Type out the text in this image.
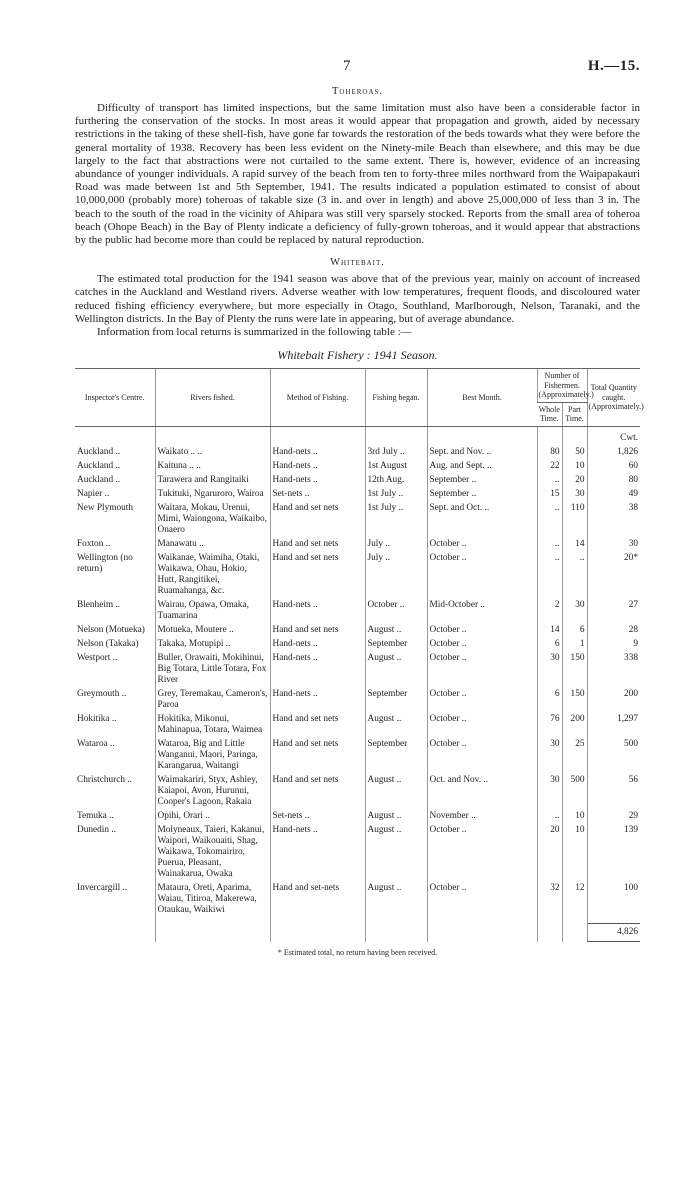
7	H.—15.
Toheroas.

Difficulty of transport has limited inspections, but the same limitation must also have been a considerable factor in furthering the conservation of the stocks. In most areas it would appear that propagation and growth, aided by necessary restrictions in the taking of these shell-fish, have gone far towards the restoration of the beds towards what they were before the general mortality of 1938. Recovery has been less evident on the Ninety-mile Beach than elsewhere, and this may be due largely to the fact that abstractions were not curtailed to the same extent. There is, however, evidence of an increasing abundance of younger individuals. A rapid survey of the beach from ten to forty-three miles northward from the Waipapakauri Road was made between 1st and 5th September, 1941. The results indicated a population estimated to consist of about 10,000,000 (probably more) toheroas of takable size (3 in. and over in length) and above 25,000,000 of less than 3 in. The beach to the south of the road in the vicinity of Ahipara was still very sparsely stocked. Reports from the small area of toheroa beach (Ohope Beach) in the Bay of Plenty indicate a deficiency of fully-grown toheroas, and it would appear that abstractions by the public had become more than could be replaced by natural reproduction.

Whitebait.

The estimated total production for the 1941 season was above that of the previous year, mainly on account of increased catches in the Auckland and Westland rivers. Adverse weather with low temperatures, frequent floods, and discoloured water reduced fishing efficiency everywhere, but more especially in Otago, Southland, Marlborough, Nelson, Taranaki, and the Wellington districts. In the Bay of Plenty the runs were late in appearing, but of average abundance.

Information from local returns is summarized in the following table :—

Whitebait Fishery : 1941 Season.
Inspector's Centre.	Rivers fished.	Method of Fishing.	Fishing began.	Best Month.	Number of Fishermen. (Approximately.)		Total Quantity caught. (Approximately.)
					Whole Time.	Part Time.	
							Cwt.
Auckland ..	Waikato .. ..	Hand-nets ..	3rd July ..	Sept. and Nov. ..	80	50	1,826
Auckland ..	Kaituna .. ..	Hand-nets ..	1st August	Aug. and Sept. ..	22	10	60
Auckland ..	Tarawera and Rangitaiki	Hand-nets ..	12th Aug.	September ..	..	20	80
Napier ..	Tukituki, Ngaruroro, Wairoa	Set-nets ..	1st July ..	September ..	15	30	49
New Plymouth	Waitara, Mokau, Urenui, Mimi, Waiongona, Waikaibo, Onaero	Hand and set nets	1st July ..	Sept. and Oct. ..	..	110	38
Foxton ..	Manawatu ..	Hand and set nets	July ..	October ..	..	14	30
Wellington (no return)	Waikanae, Waimiha, Otaki, Waikawa, Ohau, Hokio, Hutt, Rangitikei, Ruamahanga, &c.	Hand and set nets	July ..	October ..	..	..	20*
Blenheim ..	Wairau, Opawa, Omaka, Tuamarina	Hand-nets ..	October ..	Mid-October ..	2	30	27
Nelson (Motueka)	Motueka, Moutere ..	Hand and set nets	August ..	October ..	14	6	28
Nelson (Takaka)	Takaka, Motupipi ..	Hand-nets ..	September	October ..	6	1	9
Westport ..	Buller, Orawaiti, Mokihinui, Big Totara, Little Totara, Fox River	Hand-nets ..	August ..	October ..	30	150	338
Greymouth ..	Grey, Teremakau, Cameron's, Paroa	Hand-nets ..	September	October ..	6	150	200
Hokitika ..	Hokitika, Mikonui, Mahinapua, Totara, Waimea	Hand and set nets	August ..	October ..	76	200	1,297
Wataroa ..	Wataroa, Big and Little Wanganui, Maori, Paringa, Karangarua, Waitangi	Hand and set nets	September	October ..	30	25	500
Christchurch ..	Waimakariri, Styx, Ashley, Kaiapoi, Avon, Hurunui, Cooper's Lagoon, Rakaia	Hand and set nets	August ..	Oct. and Nov. ..	30	500	56
Temuka ..	Opihi, Orari ..	Set-nets ..	August ..	November ..	..	10	29
Dunedin ..	Molyneaux, Taieri, Kakanui, Waipori, Waikouaiti, Shag, Waikawa, Tokomairiro, Puerua, Pleasant, Wainakarua, Owaka	Hand-nets ..	August ..	October ..	20	10	139
Invercargill ..	Mataura, Oreti, Aparima, Waiau, Titiroa, Makerewa, Otaukau, Waikiwi	Hand and set-nets	August ..	October ..	32	12	100

							4,826
* Estimated total, no return having been received.
